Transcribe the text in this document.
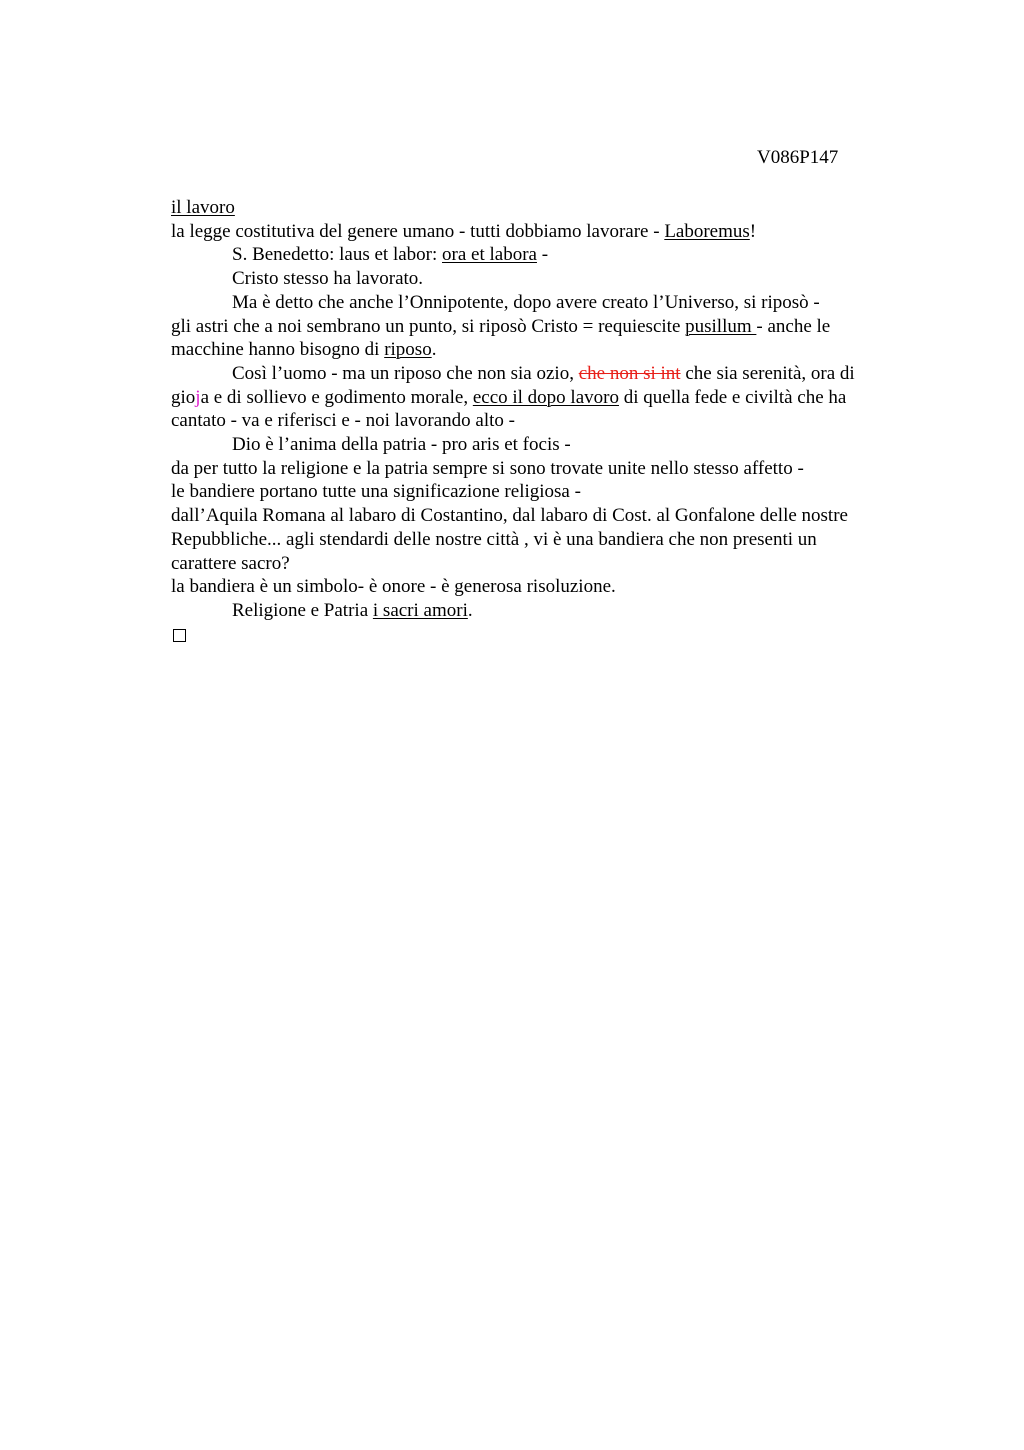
V086P147
il lavoro
la legge costitutiva del genere umano - tutti dobbiamo lavorare - Laboremus!
S. Benedetto: laus et labor: ora et labora -
Cristo stesso ha lavorato.
Ma è detto che anche l’Onnipotente, dopo avere creato l’Universo, si riposò -
gli astri che a noi sembrano un punto, si riposò Cristo = requiescite pusillum - anche le
macchine hanno bisogno di riposo.
Così l’uomo - ma un riposo che non sia ozio, che non si int che sia serenità, ora di
gioja e di sollievo e godimento morale, ecco il dopo lavoro di quella fede e civiltà che ha
cantato - va e riferisci e - noi lavorando alto -
Dio è l’anima della patria - pro aris et focis -
da per tutto la religione e la patria sempre si sono trovate unite nello stesso affetto -
le bandiere portano tutte una significazione religiosa -
dall’Aquila Romana al labaro di Costantino, dal labaro di Cost. al Gonfalone delle nostre
Repubbliche... agli stendardi delle nostre città , vi è una bandiera che non presenti un
carattere sacro?
la bandiera è un simbolo- è onore - è generosa risoluzione.
Religione e Patria i sacri amori.
